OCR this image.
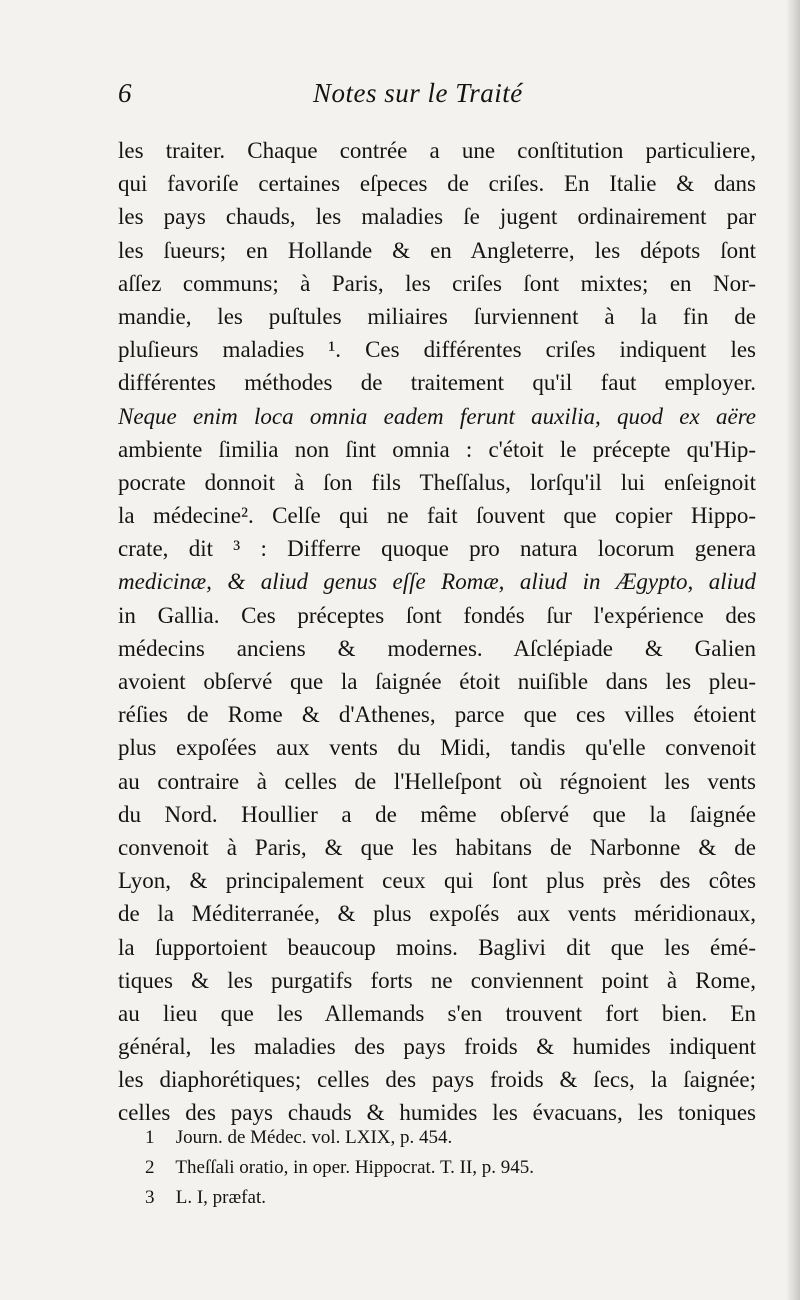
6	Notes sur le Traité
les traiter. Chaque contrée a une conſtitution particuliere,
qui favoriſe certaines eſpeces de criſes. En Italie & dans
les pays chauds, les maladies ſe jugent ordinairement par
les ſueurs; en Hollande & en Angleterre, les dépots ſont
aſſez communs; à Paris, les criſes ſont mixtes; en Nor-
mandie, les puſtules miliaires ſurviennent à la fin de
pluſieurs maladies ¹. Ces différentes criſes indiquent les
différentes méthodes de traitement qu'il faut employer.
Neque enim loca omnia eadem ferunt auxilia, quod ex aëre
ambiente ſimilia non ſint omnia : c'étoit le précepte qu'Hip-
pocrate donnoit à ſon fils Theſſalus, lorſqu'il lui enſeignoit
la médecine². Celſe qui ne fait ſouvent que copier Hippo-
crate, dit ³ : Differre quoque pro natura locorum genera
medicinæ, & aliud genus eſſe Romæ, aliud in Ægypto, aliud
in Gallia. Ces préceptes ſont fondés ſur l'expérience des
médecins anciens & modernes. Aſclépiade & Galien
avoient obſervé que la ſaignée étoit nuiſible dans les pleu-
réſies de Rome & d'Athenes, parce que ces villes étoient
plus expoſées aux vents du Midi, tandis qu'elle convenoit
au contraire à celles de l'Helleſpont où régnoient les vents
du Nord. Houllier a de même obſervé que la ſaignée
convenoit à Paris, & que les habitans de Narbonne & de
Lyon, & principalement ceux qui ſont plus près des côtes
de la Méditerranée, & plus expoſés aux vents méridionaux,
la ſupportoient beaucoup moins. Baglivi dit que les émé-
tiques & les purgatifs forts ne conviennent point à Rome,
au lieu que les Allemands s'en trouvent fort bien. En
général, les maladies des pays froids & humides indiquent
les diaphorétiques; celles des pays froids & ſecs, la ſaignée;
celles des pays chauds & humides les évacuans, les toniques
1 Journ. de Médec. vol. LXIX, p. 454.
2 Theſſali oratio, in oper. Hippocrat. T. II, p. 945.
3 L. I, præfat.
